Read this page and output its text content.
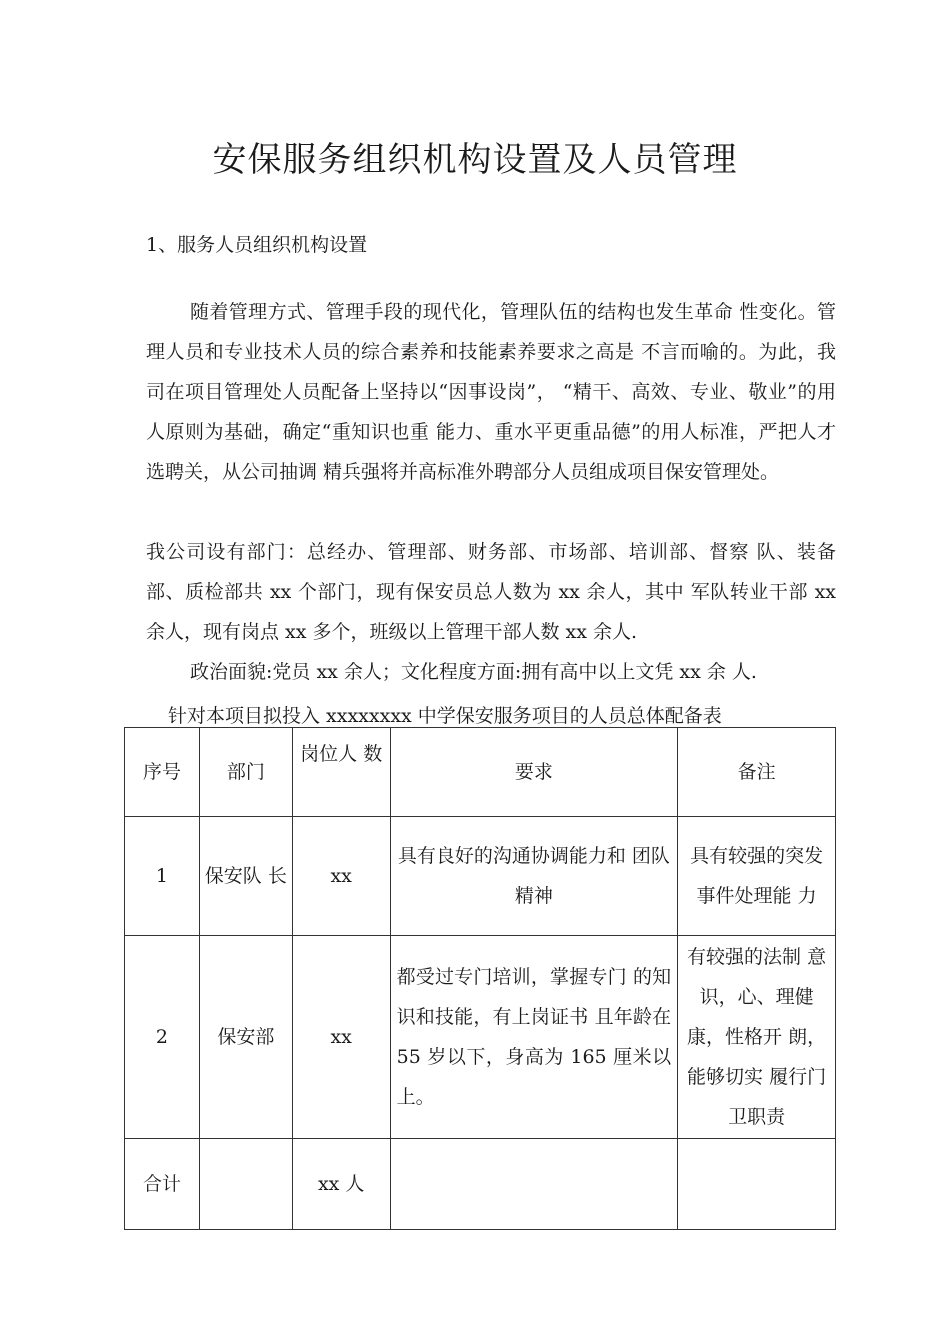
安保服务组织机构设置及人员管理
1、服务人员组织机构设置
随着管理方式、管理手段的现代化，管理队伍的结构也发生革命 性变化。管理人员和专业技术人员的综合素养和技能素养要求之高是 不言而喻的。为此，我司在项目管理处人员配备上坚持以“因事设岗”， “精干、高效、专业、敬业”的用人原则为基础，确定“重知识也重 能力、重水平更重品德”的用人标准，严把人才选聘关，从公司抽调 精兵强将并高标准外聘部分人员组成项目保安管理处。
我公司设有部门：总经办、管理部、财务部、市场部、培训部、督察 队、装备部、质检部共 xx 个部门，现有保安员总人数为 xx 余人，其中 军队转业干部 xx 余人，现有岗点 xx 多个，班级以上管理干部人数 xx 余人.
政治面貌:党员 xx 余人；文化程度方面:拥有高中以上文凭 xx 余 人.
针对本项目拟投入 xxxxxxxx 中学保安服务项目的人员总体配备表
序号	部门	岗位人 数	要求	备注
1	保安队 长	xx	具有良好的沟通协调能力和 团队精神	具有较强的突发事件处理能 力
2	保安部	xx	都受过专门培训，掌握专门 的知识和技能，有上岗证书 且年龄在 55 岁以下，身高为 165 厘米以上。	有较强的法制 意识，心、理健康，性格开 朗，能够切实 履行门卫职责
合计		xx 人		
